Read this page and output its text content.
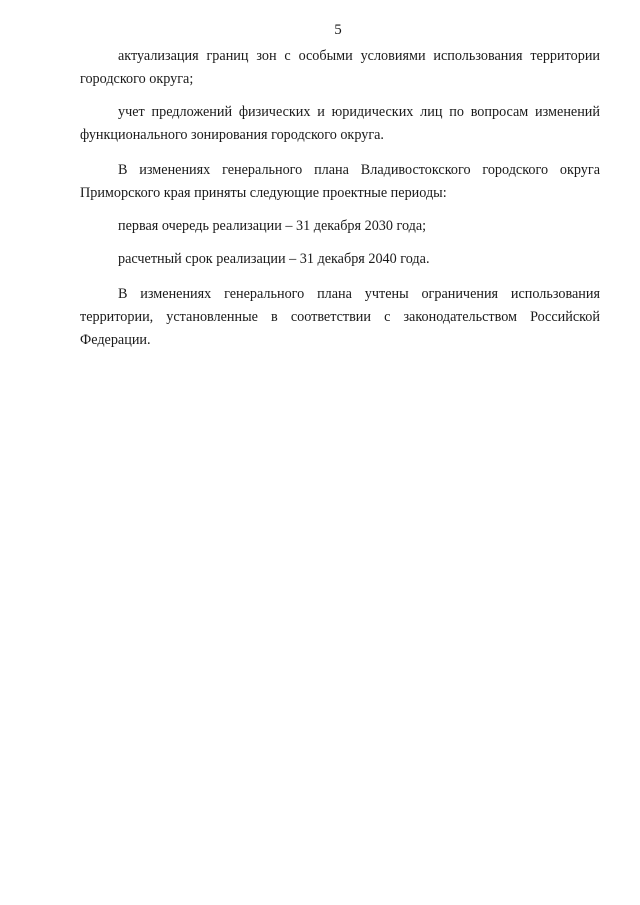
5

актуализация границ зон с особыми условиями использования территории городского округа;

учет предложений физических и юридических лиц по вопросам изменений функционального зонирования городского округа.

В изменениях генерального плана Владивостокского городского округа Приморского края приняты следующие проектные периоды:

первая очередь реализации – 31 декабря 2030 года;

расчетный срок реализации – 31 декабря 2040 года.

В изменениях генерального плана учтены ограничения использования территории, установленные в соответствии с законодательством Российской Федерации.
